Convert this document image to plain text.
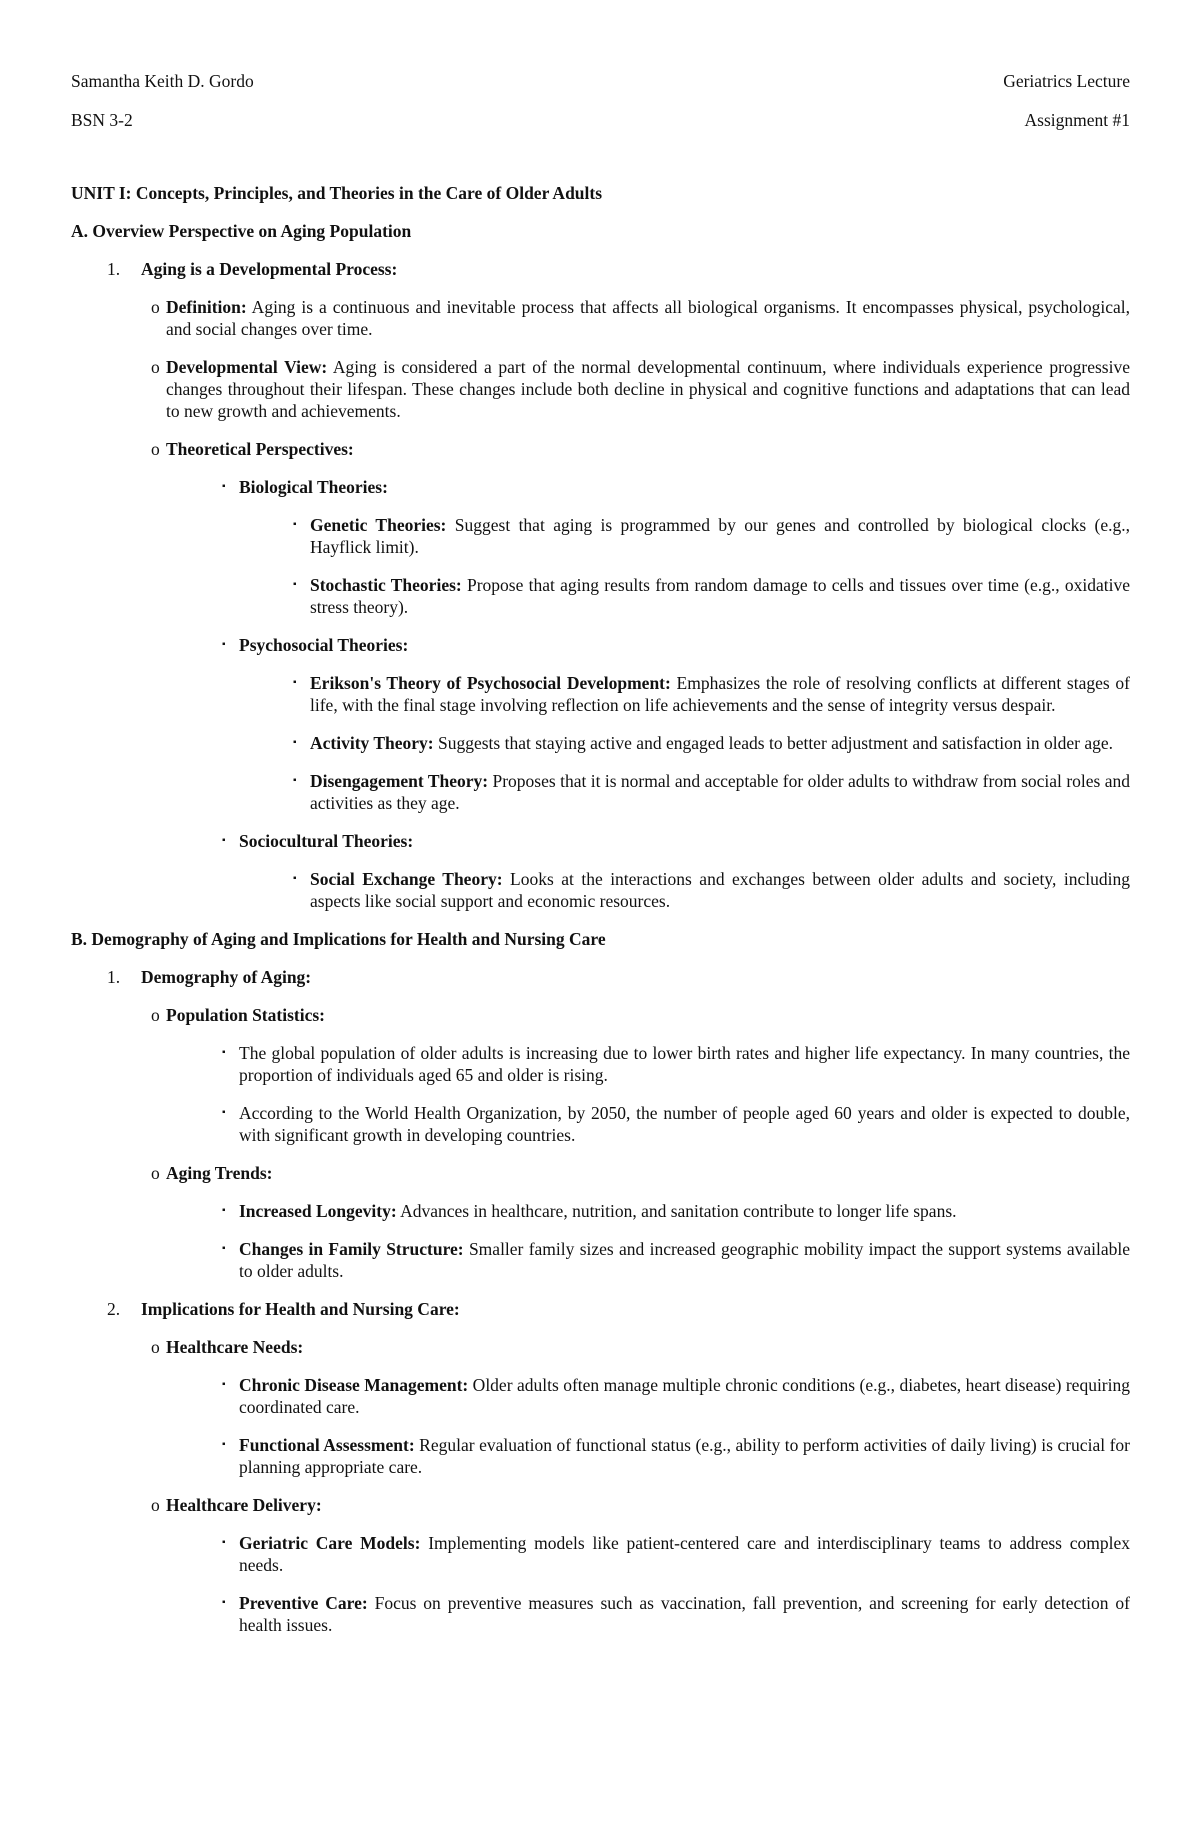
Samantha Keith D. Gordo	Geriatrics Lecture
BSN 3-2	Assignment #1
UNIT I: Concepts, Principles, and Theories in the Care of Older Adults
A. Overview Perspective on Aging Population
1.	Aging is a Developmental Process:
o Definition: Aging is a continuous and inevitable process that affects all biological organisms. It encompasses physical, psychological, and social changes over time.
o Developmental View: Aging is considered a part of the normal developmental continuum, where individuals experience progressive changes throughout their lifespan. These changes include both decline in physical and cognitive functions and adaptations that can lead to new growth and achievements.
o Theoretical Perspectives:
▪ Biological Theories:
▪ Genetic Theories: Suggest that aging is programmed by our genes and controlled by biological clocks (e.g., Hayflick limit).
▪ Stochastic Theories: Propose that aging results from random damage to cells and tissues over time (e.g., oxidative stress theory).
▪ Psychosocial Theories:
▪ Erikson's Theory of Psychosocial Development: Emphasizes the role of resolving conflicts at different stages of life, with the final stage involving reflection on life achievements and the sense of integrity versus despair.
▪ Activity Theory: Suggests that staying active and engaged leads to better adjustment and satisfaction in older age.
▪ Disengagement Theory: Proposes that it is normal and acceptable for older adults to withdraw from social roles and activities as they age.
▪ Sociocultural Theories:
▪ Social Exchange Theory: Looks at the interactions and exchanges between older adults and society, including aspects like social support and economic resources.
B. Demography of Aging and Implications for Health and Nursing Care
1.	Demography of Aging:
o Population Statistics:
▪ The global population of older adults is increasing due to lower birth rates and higher life expectancy. In many countries, the proportion of individuals aged 65 and older is rising.
▪ According to the World Health Organization, by 2050, the number of people aged 60 years and older is expected to double, with significant growth in developing countries.
o Aging Trends:
▪ Increased Longevity: Advances in healthcare, nutrition, and sanitation contribute to longer life spans.
▪ Changes in Family Structure: Smaller family sizes and increased geographic mobility impact the support systems available to older adults.
2.	Implications for Health and Nursing Care:
o Healthcare Needs:
▪ Chronic Disease Management: Older adults often manage multiple chronic conditions (e.g., diabetes, heart disease) requiring coordinated care.
▪ Functional Assessment: Regular evaluation of functional status (e.g., ability to perform activities of daily living) is crucial for planning appropriate care.
o Healthcare Delivery:
▪ Geriatric Care Models: Implementing models like patient-centered care and interdisciplinary teams to address complex needs.
▪ Preventive Care: Focus on preventive measures such as vaccination, fall prevention, and screening for early detection of health issues.
